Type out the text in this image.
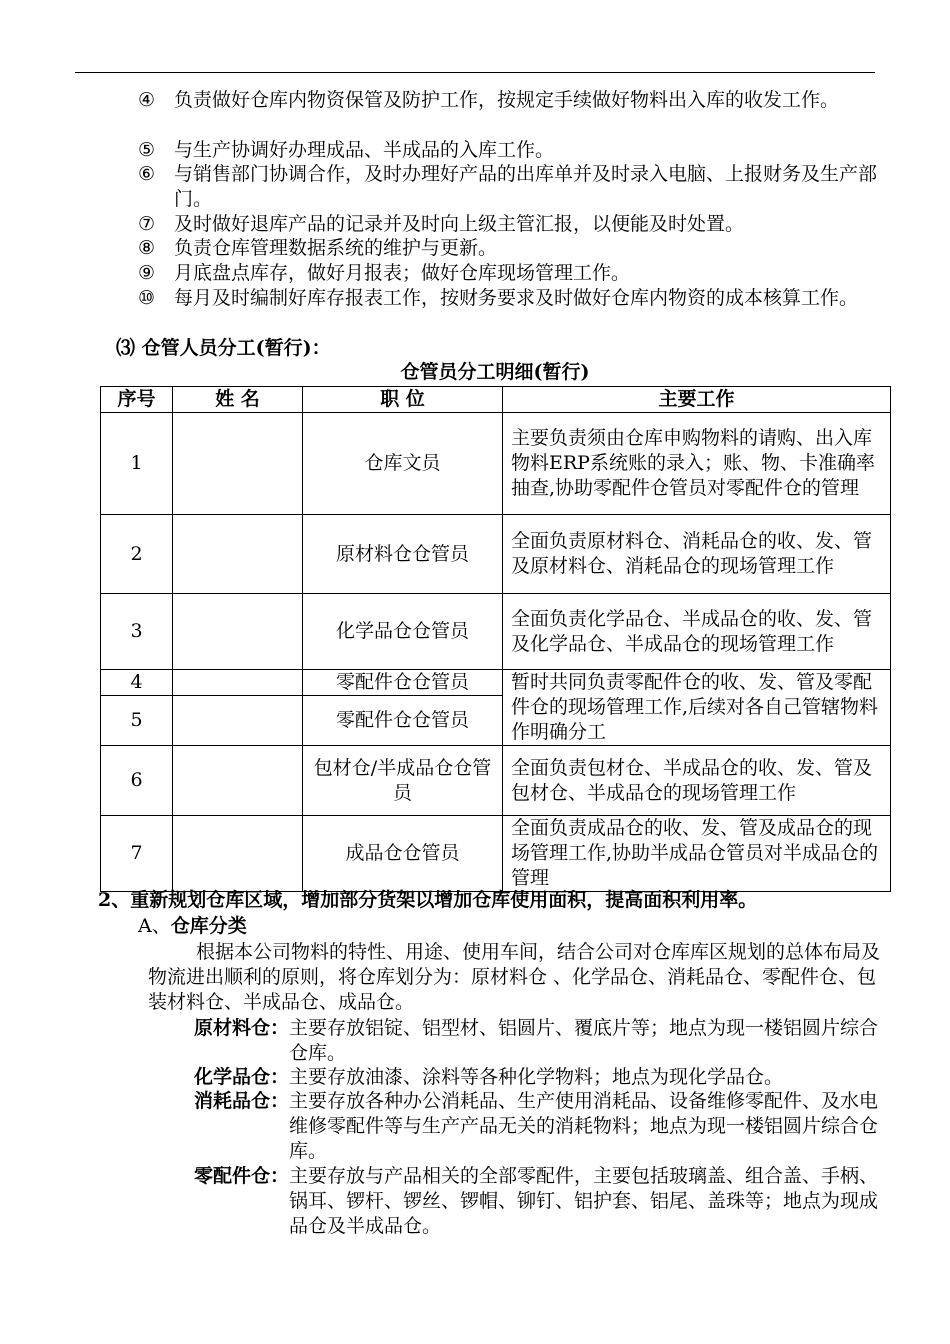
④ 负责做好仓库内物资保管及防护工作，按规定手续做好物料出入库的收发工作。
⑤ 与生产协调好办理成品、半成品的入库工作。
⑥ 与销售部门协调合作，及时办理好产品的出库单并及时录入电脑、上报财务及生产部门。
⑦ 及时做好退库产品的记录并及时向上级主管汇报，以便能及时处置。
⑧ 负责仓库管理数据系统的维护与更新。
⑨ 月底盘点库存，做好月报表；做好仓库现场管理工作。
⑩ 每月及时编制好库存报表工作，按财务要求及时做好仓库内物资的成本核算工作。
⑶ 仓管人员分工(暂行)：
仓管员分工明细(暂行)
序号	姓 名	职 位	主要工作
1		仓库文员	主要负责须由仓库申购物料的请购、出入库物料ERP系统账的录入；账、物、卡准确率抽查,协助零配件仓管员对零配件仓的管理
2		原材料仓仓管员	全面负责原材料仓、消耗品仓的收、发、管及原材料仓、消耗品仓的现场管理工作
3		化学品仓仓管员	全面负责化学品仓、半成品仓的收、发、管及化学品仓、半成品仓的现场管理工作
4		零配件仓仓管员	暂时共同负责零配件仓的收、发、管及零配件仓的现场管理工作,后续对各自己管辖物料作明确分工
5		零配件仓仓管员	
6		包材仓/半成品仓仓管员	全面负责包材仓、半成品仓的收、发、管及包材仓、半成品仓的现场管理工作
7		成品仓仓管员	全面负责成品仓的收、发、管及成品仓的现场管理工作,协助半成品仓管员对半成品仓的管理
2、重新规划仓库区域，增加部分货架以增加仓库使用面积，提高面积利用率。
A、仓库分类
根据本公司物料的特性、用途、使用车间，结合公司对仓库库区规划的总体布局及物流进出顺利的原则，将仓库划分为：原材料仓 、化学品仓、消耗品仓、零配件仓、包装材料仓、半成品仓、成品仓。
原材料仓： 主要存放铝锭、铝型材、铝圆片、覆底片等；地点为现一楼铝圆片综合仓库。
化学品仓： 主要存放油漆、涂料等各种化学物料；地点为现化学品仓。
消耗品仓： 主要存放各种办公消耗品、生产使用消耗品、设备维修零配件、及水电维修零配件等与生产产品无关的消耗物料；地点为现一楼铝圆片综合仓库。
零配件仓： 主要存放与产品相关的全部零配件，主要包括玻璃盖、组合盖、手柄、锅耳、锣杆、锣丝、锣帽、铆钉、铝护套、铝尾、盖珠等；地点为现成品仓及半成品仓。
